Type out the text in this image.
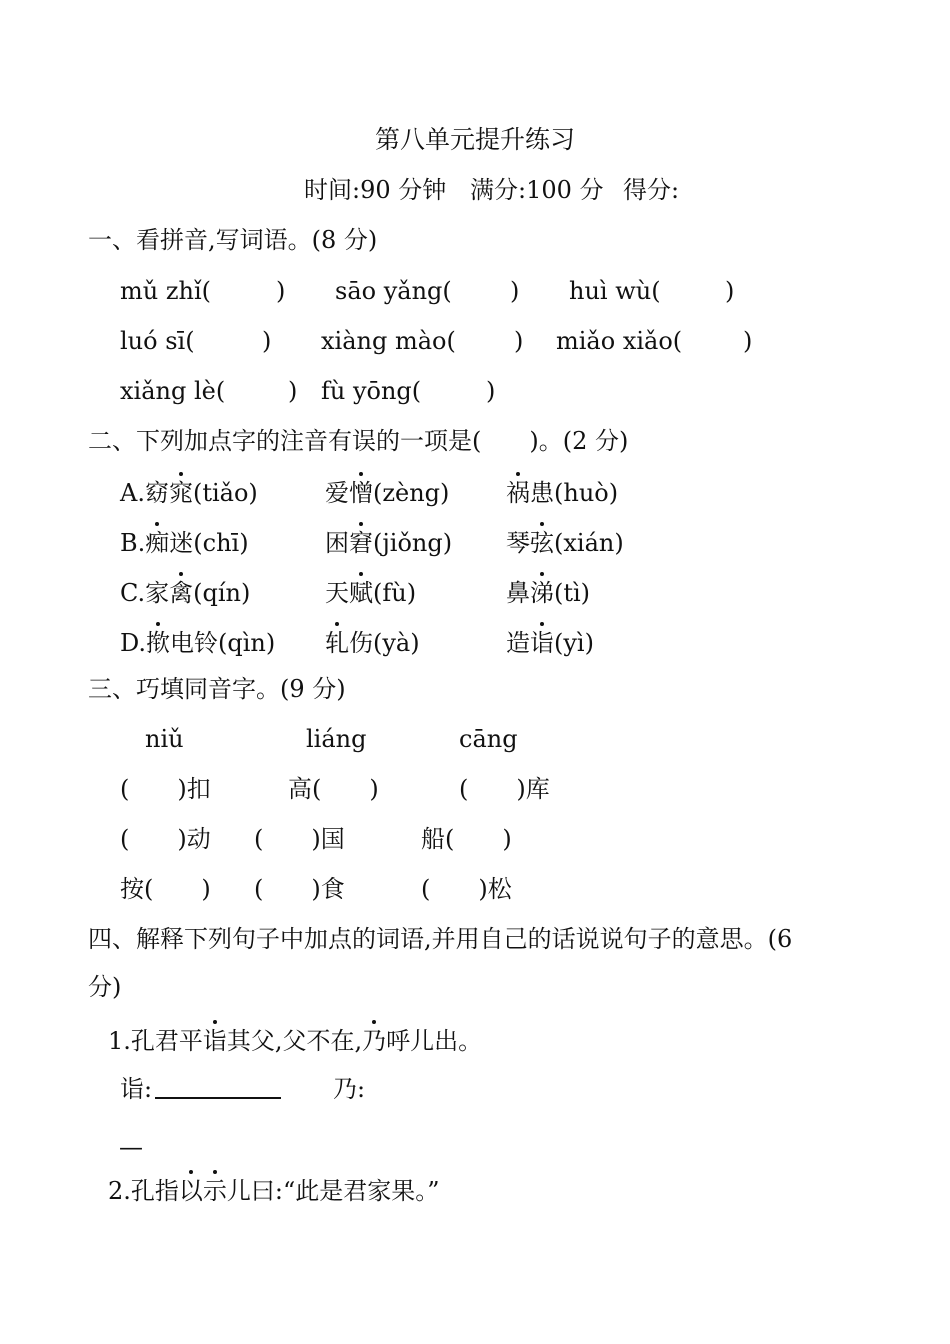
第八单元提升练习
时间:90 分钟 满分:100 分 得分:
一、看拼音,写词语。(8 分)
mǔ zhǐ(	) sāo yǎng( ) huì wù(	)
luó sī(	) xiàng mào( ) miǎo xiǎo(	)
xiǎng lè(	) fù yōng(	)
二、下列加点字的注音有误的一项是(　　)。(2 分)
A.窈窕(tiǎo)	爱憎(zèng) 祸患(huò)
B.痴迷(chī)	困窘(jiǒng) 琴弦(xián)
C.家禽(qín)	天赋(fù)	鼻涕(tì)
D.揿电铃(qìn) 轧伤(yà)	造诣(yì)
三、巧填同音字。(9 分)
niǔ	liáng	cāng
(　　)扣	高(　　)	(　　)库
(　　)动 (　　)国	船(　　)
按(　　) (　　)食	(　　)松
四、解释下列句子中加点的词语,并用自己的话说说句子的意思。(6
分)
1.孔君平诣其父,父不在,乃呼儿出。
诣:	乃:
—
2.孔指以示儿曰:“此是君家果。”
